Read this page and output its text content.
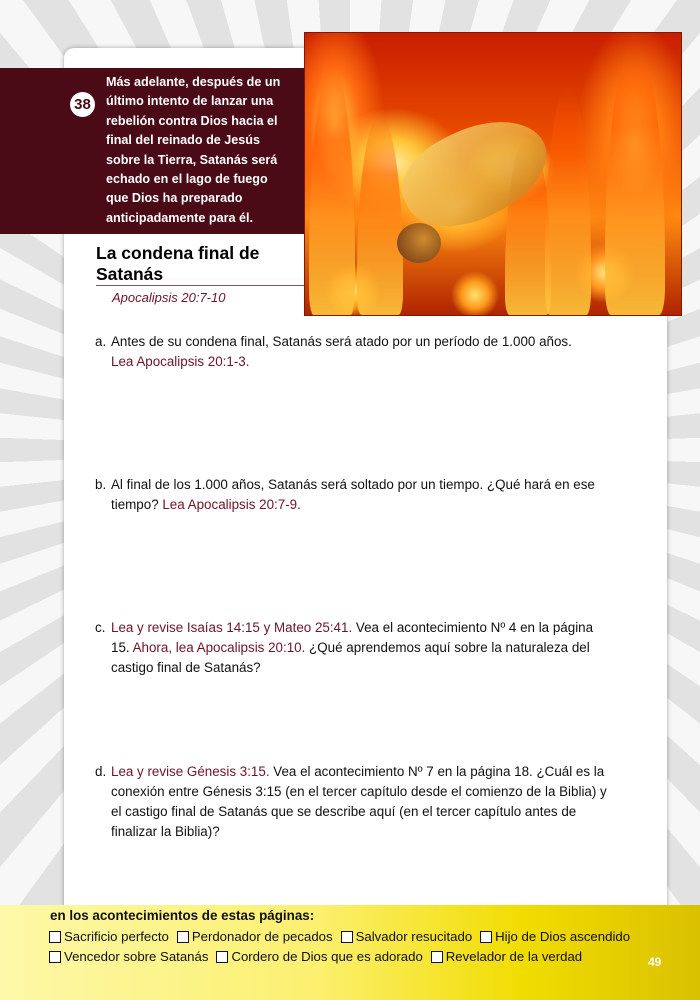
38
Más adelante, después de un último intento de lanzar una rebelión contra Dios hacia el final del reinado de Jesús sobre la Tierra, Satanás será echado en el lago de fuego que Dios ha preparado anticipadamente para él.
La condena final de Satanás
Apocalipsis 20:7-10
a. Antes de su condena final, Satanás será atado por un período de 1.000 años.
Lea Apocalipsis 20:1-3.
b. Al final de los 1.000 años, Satanás será soltado por un tiempo. ¿Qué hará en ese tiempo? Lea Apocalipsis 20:7-9.
c. Lea y revise Isaías 14:15 y Mateo 25:41. Vea el acontecimiento Nº 4 en la página 15. Ahora, lea Apocalipsis 20:10. ¿Qué aprendemos aquí sobre la naturaleza del castigo final de Satanás?
d. Lea y revise Génesis 3:15. Vea el acontecimiento Nº 7 en la página 18. ¿Cuál es la conexión entre Génesis 3:15 (en el tercer capítulo desde el comienzo de la Biblia) y el castigo final de Satanás que se describe aquí (en el tercer capítulo antes de finalizar la Biblia)?
en los acontecimientos de estas páginas:
Sacrificio perfecto Perdonador de pecados Salvador resucitado Hijo de Dios ascendido
Vencedor sobre Satanás Cordero de Dios que es adorado Revelador de la verdad	49
